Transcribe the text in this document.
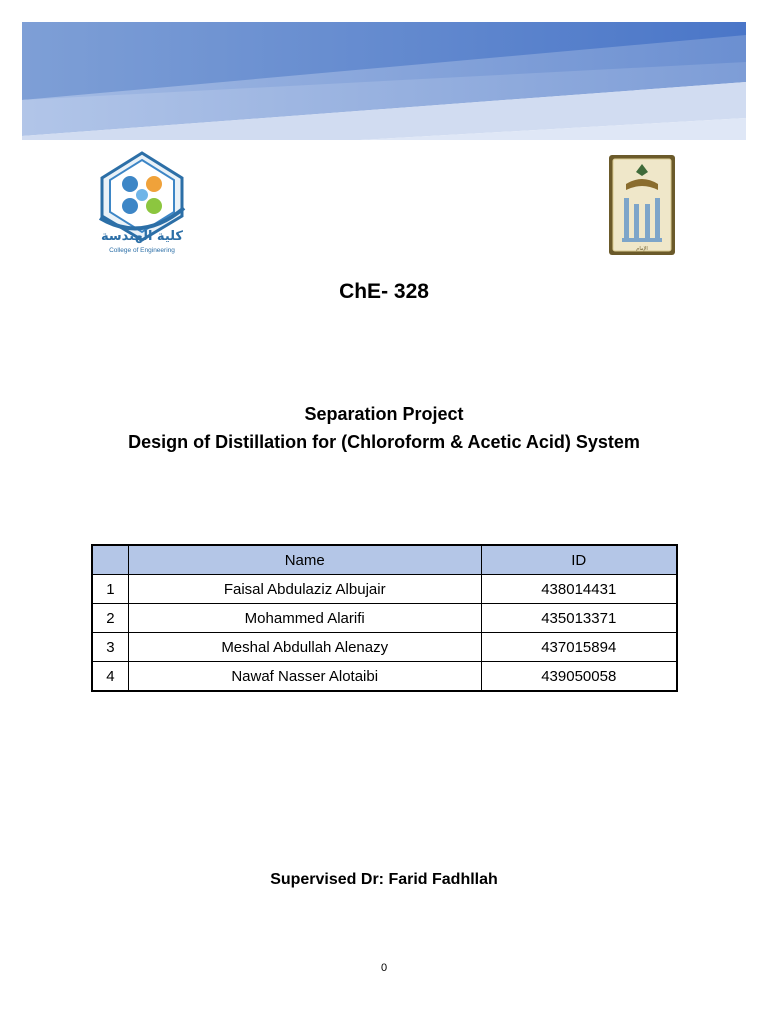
كلية الهندسة
College of Engineering	الإمام
ChE- 328
Separation Project
Design of Distillation for (Chloroform & Acetic Acid) System
	Name	ID
1	Faisal Abdulaziz Albujair	438014431
2	Mohammed Alarifi	435013371
3	Meshal Abdullah Alenazy	437015894
4	Nawaf Nasser Alotaibi	439050058
Supervised Dr: Farid Fadhllah
0
